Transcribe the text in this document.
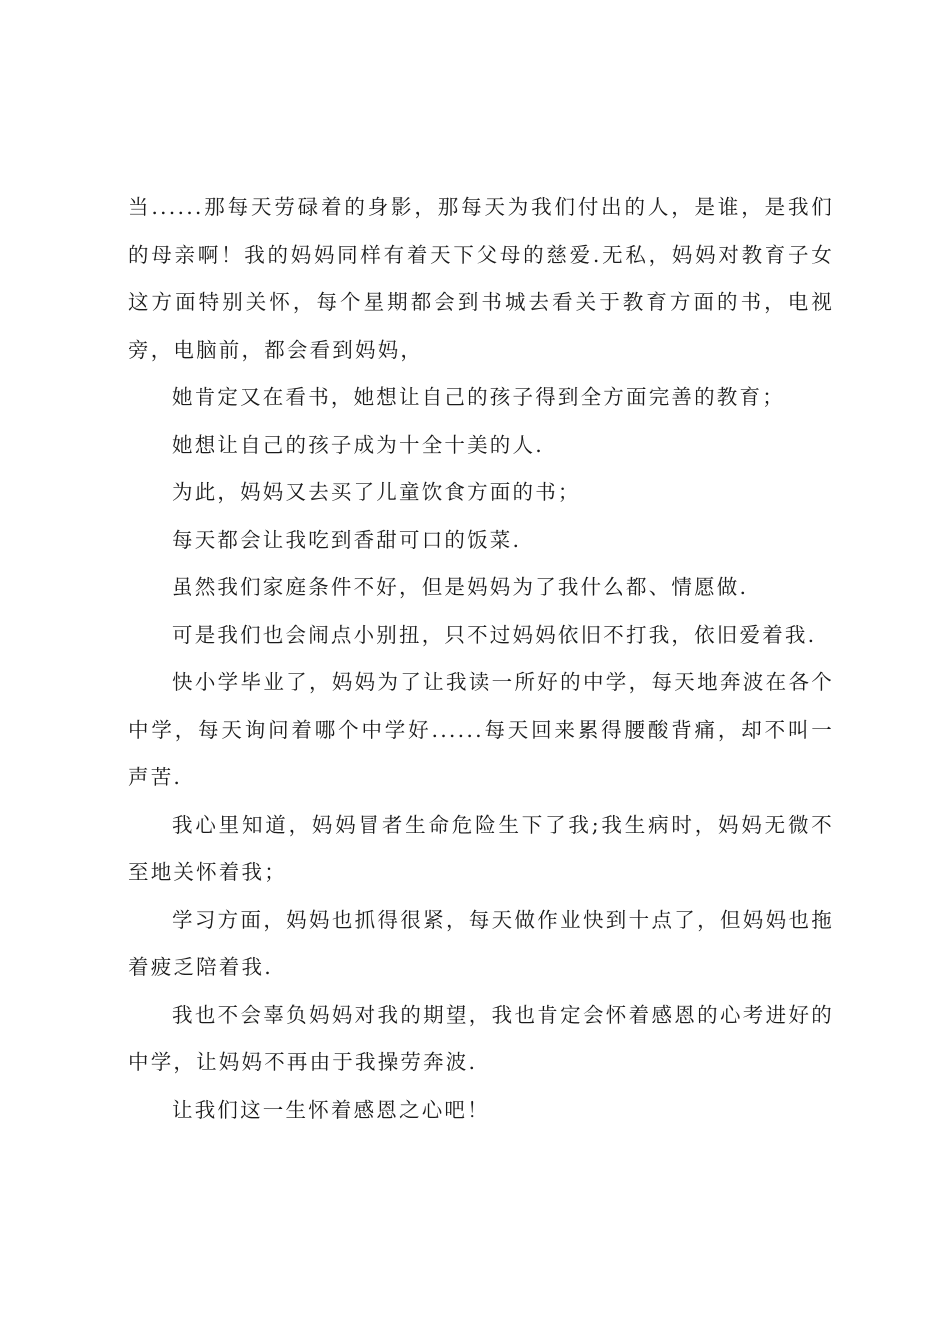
当......那每天劳碌着的身影，那每天为我们付出的人，是谁，是我们的母亲啊！我的妈妈同样有着天下父母的慈爱.无私，妈妈对教育子女这方面特别关怀，每个星期都会到书城去看关于教育方面的书，电视旁，电脑前，都会看到妈妈，

她肯定又在看书，她想让自己的孩子得到全方面完善的教育；

她想让自己的孩子成为十全十美的人.

为此，妈妈又去买了儿童饮食方面的书；

每天都会让我吃到香甜可口的饭菜.

虽然我们家庭条件不好，但是妈妈为了我什么都、情愿做.

可是我们也会闹点小别扭，只不过妈妈依旧不打我，依旧爱着我.

快小学毕业了，妈妈为了让我读一所好的中学，每天地奔波在各个中学，每天询问着哪个中学好......每天回来累得腰酸背痛，却不叫一声苦.

我心里知道，妈妈冒者生命危险生下了我;我生病时，妈妈无微不至地关怀着我；

学习方面，妈妈也抓得很紧，每天做作业快到十点了，但妈妈也拖着疲乏陪着我.

我也不会辜负妈妈对我的期望，我也肯定会怀着感恩的心考进好的中学，让妈妈不再由于我操劳奔波.

让我们这一生怀着感恩之心吧！
